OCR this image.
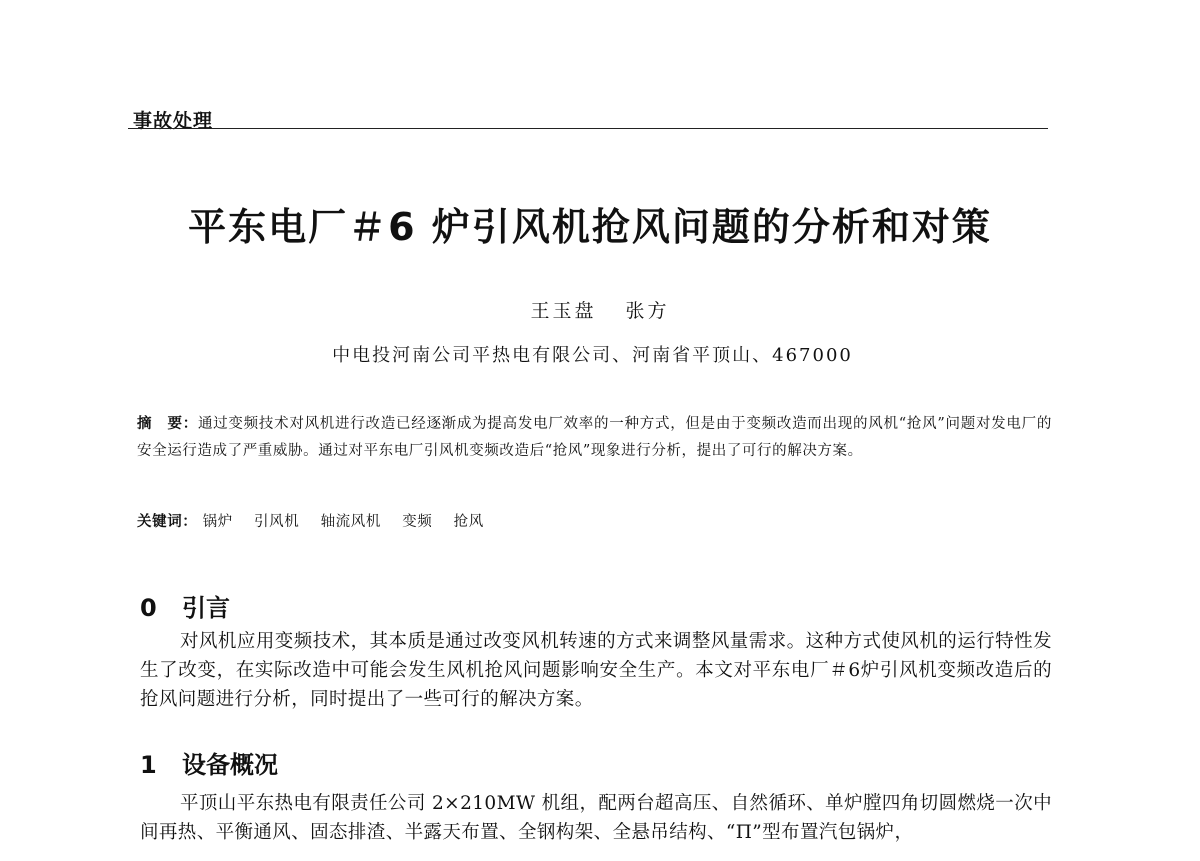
事故处理
平东电厂＃6 炉引风机抢风问题的分析和对策
王玉盘 张方
中电投河南公司平热电有限公司、河南省平顶山、467000
摘　要：通过变频技术对风机进行改造已经逐渐成为提高发电厂效率的一种方式，但是由于变频改造而出现的风机“抢风”问题对发电厂的安全运行造成了严重威胁。通过对平东电厂引风机变频改造后“抢风”现象进行分析，提出了可行的解决方案。
关键词： 锅炉 引风机 轴流风机 变频 抢风
0 引言
对风机应用变频技术，其本质是通过改变风机转速的方式来调整风量需求。这种方式使风机的运行特性发生了改变，在实际改造中可能会发生风机抢风问题影响安全生产。本文对平东电厂＃6炉引风机变频改造后的抢风问题进行分析，同时提出了一些可行的解决方案。
1 设备概况
平顶山平东热电有限责任公司 2×210MW 机组，配两台超高压、自然循环、单炉膛四角切圆燃烧一次中间再热、平衡通风、固态排渣、半露天布置、全钢构架、全悬吊结构、“Π”型布置汽包锅炉，
